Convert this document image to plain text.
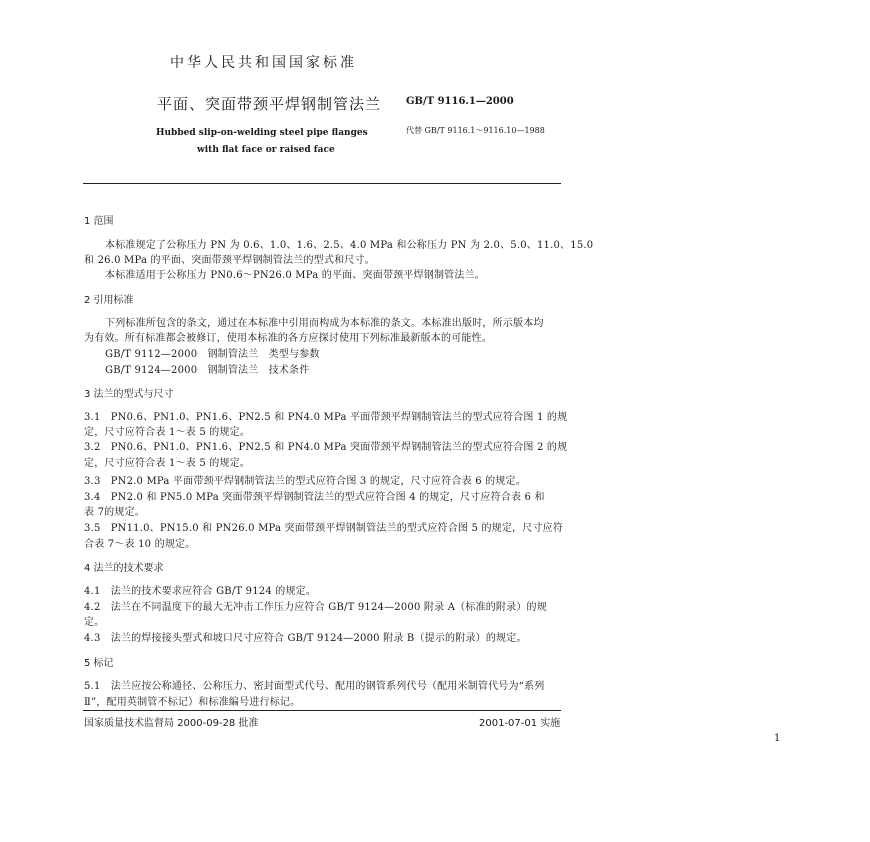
中华人民共和国国家标准
平面、突面带颈平焊钢制管法兰 GB/T 9116.1—2000
Hubbed slip-on-welding steel pipe flanges
with flat face or raised face
代替 GB/T 9116.1～9116.10—1988
1 范围
本标准规定了公称压力 PN 为 0.6、1.0、1.6、2.5、4.0 MPa 和公称压力 PN 为 2.0、5.0、11.0、15.0
和 26.0 MPa 的平面、突面带颈平焊钢制管法兰的型式和尺寸。
本标准适用于公称压力 PN0.6～PN26.0 MPa 的平面、突面带颈平焊钢制管法兰。
2 引用标准
下列标准所包含的条文，通过在本标准中引用而构成为本标准的条文。本标准出版时，所示版本均
为有效。所有标准都会被修订，使用本标准的各方应探讨使用下列标准最新版本的可能性。
GB/T 9112—2000　钢制管法兰　类型与参数
GB/T 9124—2000　钢制管法兰　技术条件
3 法兰的型式与尺寸
3.1　PN0.6、PN1.0、PN1.6、PN2.5 和 PN4.0 MPa 平面带颈平焊钢制管法兰的型式应符合图 1 的规
定，尺寸应符合表 1～表 5 的规定。
3.2　PN0.6、PN1.0、PN1.6、PN2.5 和 PN4.0 MPa 突面带颈平焊钢制管法兰的型式应符合图 2 的规
定，尺寸应符合表 1～表 5 的规定。
3.3　PN2.0 MPa 平面带颈平焊钢制管法兰的型式应符合图 3 的规定，尺寸应符合表 6 的规定。
3.4　PN2.0 和 PN5.0 MPa 突面带颈平焊钢制管法兰的型式应符合图 4 的规定，尺寸应符合表 6 和
表 7的规定。
3.5　PN11.0、PN15.0 和 PN26.0 MPa 突面带颈平焊钢制管法兰的型式应符合图 5 的规定，尺寸应符
合表 7～表 10 的规定。
4 法兰的技术要求
4.1　法兰的技术要求应符合 GB/T 9124 的规定。
4.2　法兰在不同温度下的最大无冲击工作压力应符合 GB/T 9124—2000 附录 A（标准的附录）的规
定。
4.3　法兰的焊接接头型式和坡口尺寸应符合 GB/T 9124—2000 附录 B（提示的附录）的规定。
5 标记
5.1　法兰应按公称通径、公称压力、密封面型式代号、配用的钢管系列代号（配用米制管代号为“系列
Ⅱ”，配用英制管不标记）和标准编号进行标记。
国家质量技术监督局 2000-09-28 批准	2001-07-01 实施
1
